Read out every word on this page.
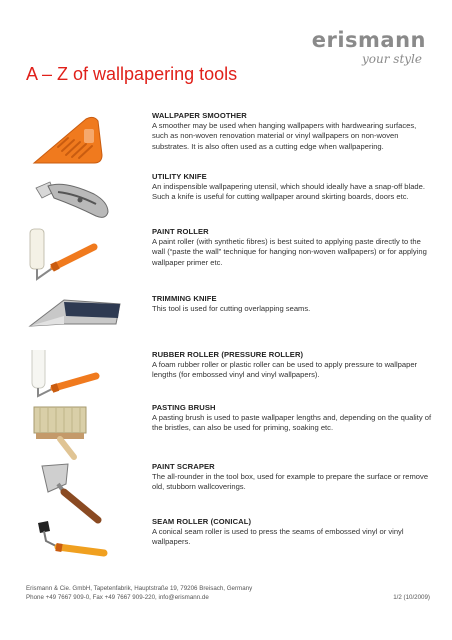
erismann
your style
A – Z of wallpapering tools
WALLPAPER SMOOTHER
A smoother may be used when hanging wallpapers with hardwearing surfaces, such as non-woven renovation material or vinyl wallpapers on non-woven substrates. It is also often used as a cutting edge when wallpapering.
UTILITY KNIFE
An indispensible wallpapering utensil, which should ideally have a snap-off blade. Such a knife is useful for cutting wallpaper around skirting boards, doors etc.
PAINT ROLLER
A paint roller (with synthetic fibres) is best suited to applying paste directly to the wall (“paste the wall” technique for hanging non-woven wallpapers) or for applying wallpaper primer etc.
TRIMMING KNIFE
This tool is used for cutting overlapping seams.
RUBBER ROLLER (PRESSURE ROLLER)
A foam rubber roller or plastic roller can be used to apply pressure to wallpaper lengths (for embossed vinyl and vinyl wallpapers).
PASTING BRUSH
A pasting brush is used to paste wallpaper lengths and, depending on the quality of the bristles, can also be used for priming, soaking etc.
PAINT SCRAPER
The all-rounder in the tool box, used for example to prepare the surface or remove old, stubborn wallcoverings.
SEAM ROLLER (CONICAL)
A conical seam roller is used to press the seams of embossed vinyl or vinyl wallpapers.
Erismann & Cie. GmbH, Tapetenfabrik, Hauptstraße 19, 79206 Breisach, Germany
Phone +49 7667 909-0, Fax +49 7667 909-220, info@erismann.de	1/2 (10/2009)
